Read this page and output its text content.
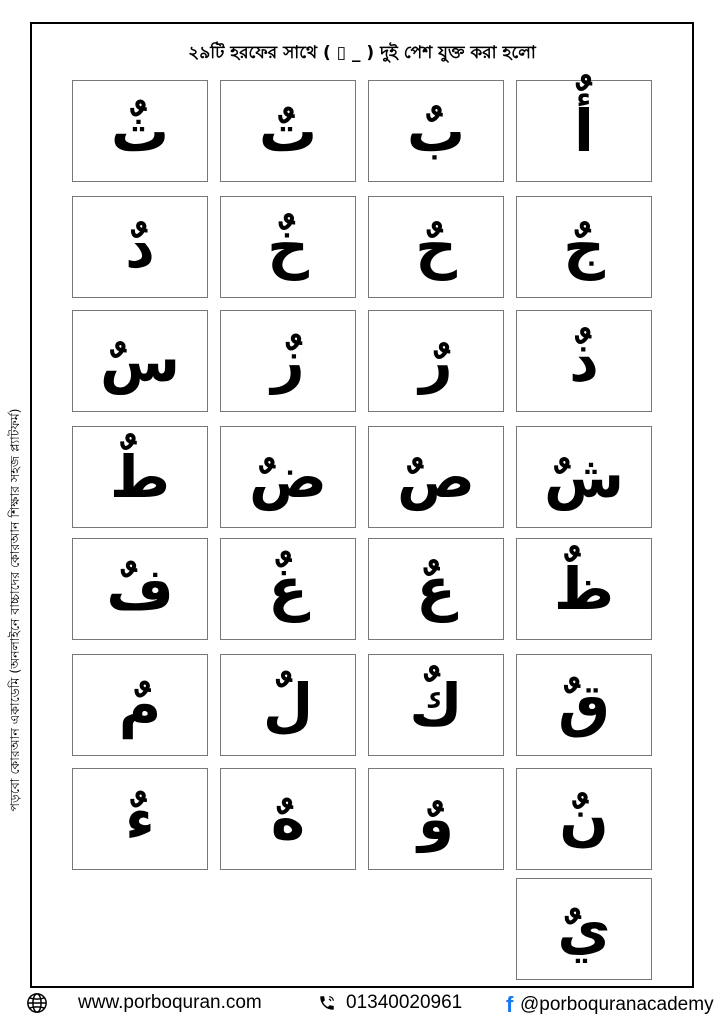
২৯টি হরফের সাথে ( ▯ _ ) দুই পেশ যুক্ত করা হলো
পড়বো কোরআন একাডেমি (অনলাইনে বাচ্চাদের কোরআন শিক্ষার সহজ প্ল্যাটফর্ম)
أٌ
بٌ
تٌ
ثٌ
جٌ
حٌ
خٌ
دٌ
ذٌ
رٌ
زٌ
سٌ
شٌ
صٌ
ضٌ
طٌ
ظٌ
عٌ
غٌ
فٌ
قٌ
كٌ
لٌ
مٌ
نٌ
وٌ
هٌ
ءٌ
يٌ
www.porboquran.com	01340020961 f @porboquranacademy
